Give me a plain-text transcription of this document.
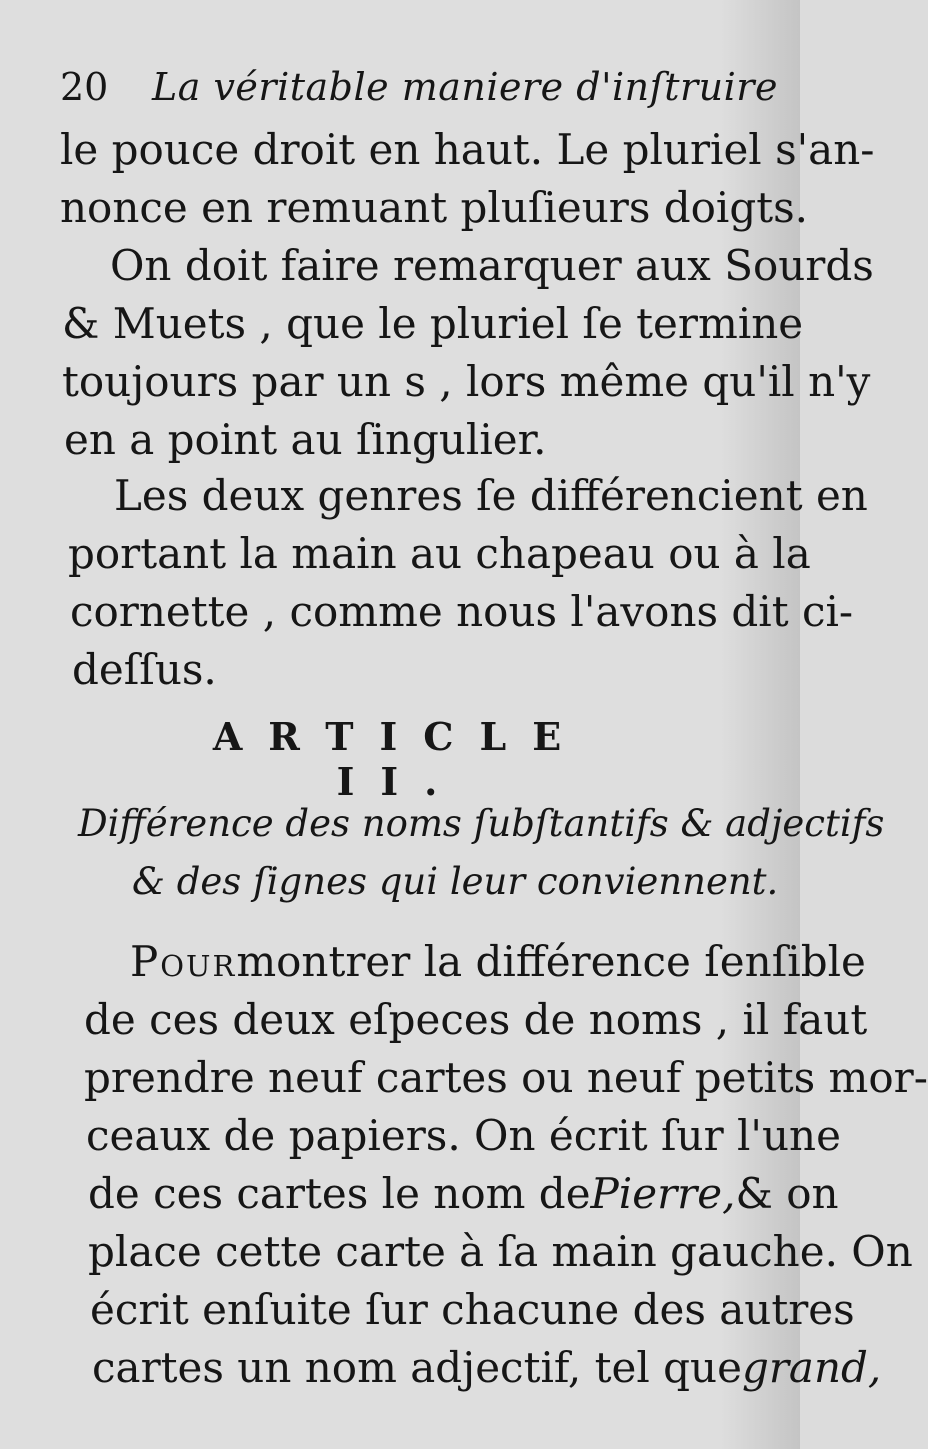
20 La véritable maniere d'inſtruire
le pouce droit en haut. Le pluriel s'an-
nonce en remuant pluſieurs doigts.
On doit faire remarquer aux Sourds
& Muets , que le pluriel ſe termine
toujours par un s , lors même qu'il n'y
en a point au ſingulier.
Les deux genres ſe différencient en
portant la main au chapeau ou à la
cornette , comme nous l'avons dit ci-
deſſus.
ARTICLE II.
Différence des noms ſubſtantifs & adjectifs
& des ſignes qui leur conviennent.
Pour montrer la différence ſenſible
de ces deux eſpeces de noms , il faut
prendre neuf cartes ou neuf petits mor-
ceaux de papiers. On écrit ſur l'une
de ces cartes le nom de Pierre, & on
place cette carte à ſa main gauche. On
écrit enſuite ſur chacune des autres
cartes un nom adjectif, tel que grand,
